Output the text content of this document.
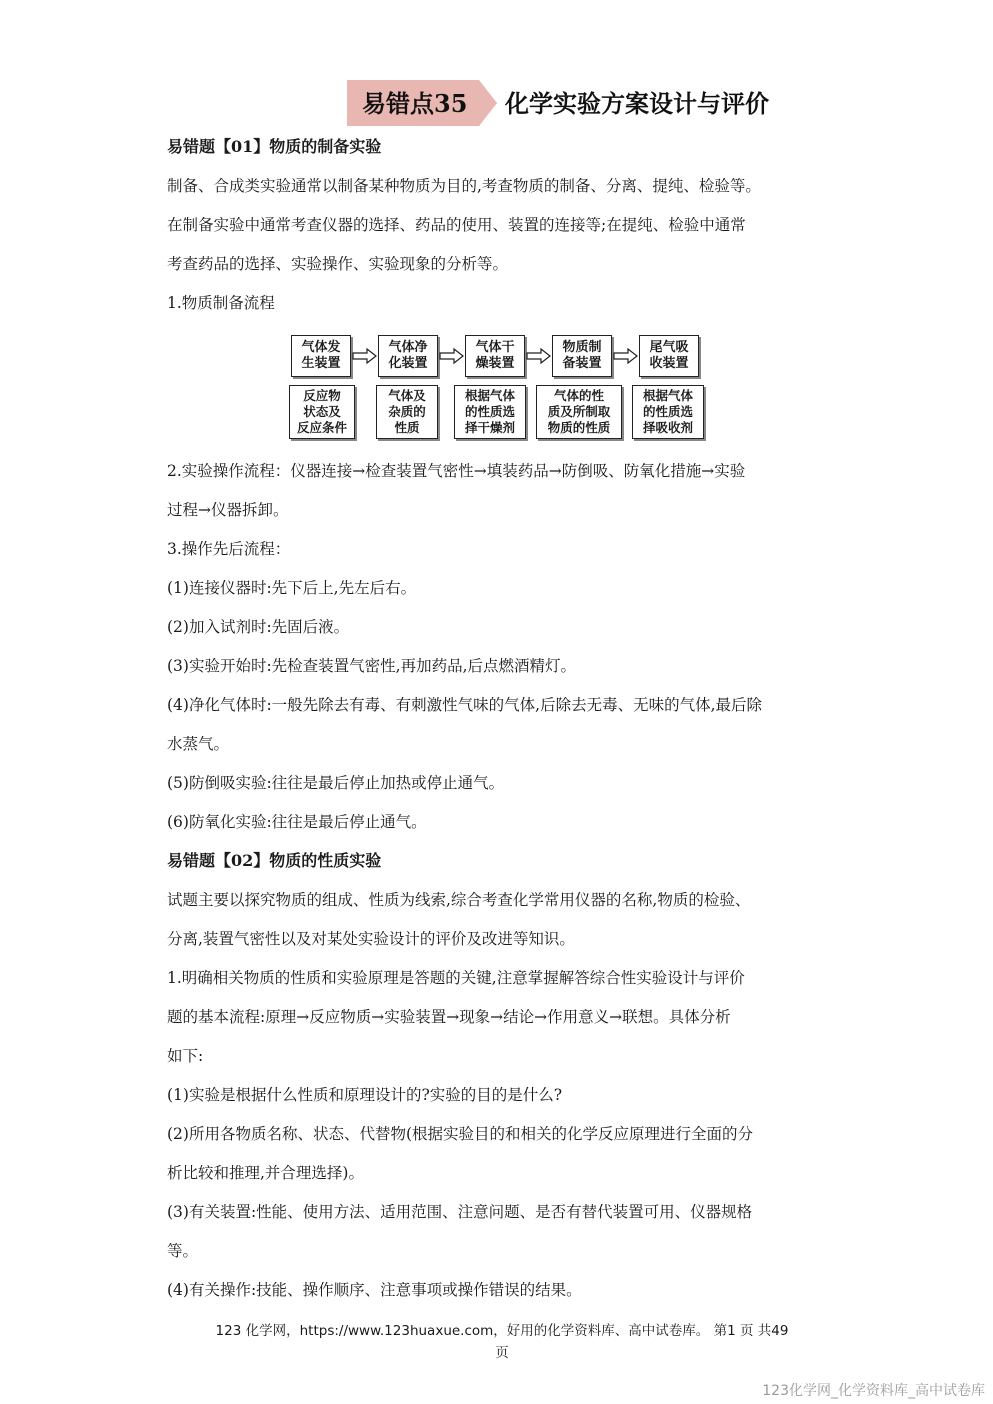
易错点35 化学实验方案设计与评价
易错题【01】物质的制备实验
制备、合成类实验通常以制备某种物质为目的,考查物质的制备、分离、提纯、检验等。
在制备实验中通常考查仪器的选择、药品的使用、装置的连接等;在提纯、检验中通常
考查药品的选择、实验操作、实验现象的分析等。
1.物质制备流程
气体发
生装置
气体净
化装置
气体干
燥装置
物质制
备装置
尾气吸
收装置
反应物
状态及
反应条件
气体及
杂质的
性质
根据气体
的性质选
择干燥剂
气体的性
质及所制取
物质的性质
根据气体
的性质选
择吸收剂
2.实验操作流程：仪器连接→检查装置气密性→填装药品→防倒吸、防氧化措施→实验
过程→仪器拆卸。
3.操作先后流程：
(1)连接仪器时:先下后上,先左后右。
(2)加入试剂时:先固后液。
(3)实验开始时:先检查装置气密性,再加药品,后点燃酒精灯。
(4)净化气体时:一般先除去有毒、有刺激性气味的气体,后除去无毒、无味的气体,最后除
水蒸气。
(5)防倒吸实验:往往是最后停止加热或停止通气。
(6)防氧化实验:往往是最后停止通气。
易错题【02】物质的性质实验
试题主要以探究物质的组成、性质为线索,综合考查化学常用仪器的名称,物质的检验、
分离,装置气密性以及对某处实验设计的评价及改进等知识。
1.明确相关物质的性质和实验原理是答题的关键,注意掌握解答综合性实验设计与评价
题的基本流程:原理→反应物质→实验装置→现象→结论→作用意义→联想。具体分析
如下:
(1)实验是根据什么性质和原理设计的?实验的目的是什么?
(2)所用各物质名称、状态、代替物(根据实验目的和相关的化学反应原理进行全面的分
析比较和推理,并合理选择)。
(3)有关装置:性能、使用方法、适用范围、注意问题、是否有替代装置可用、仪器规格
等。
(4)有关操作:技能、操作顺序、注意事项或操作错误的结果。
123 化学网，https://www.123huaxue.com，好用的化学资料库、高中试卷库。 第1 页 共49
页
123化学网_化学资料库_高中试卷库
